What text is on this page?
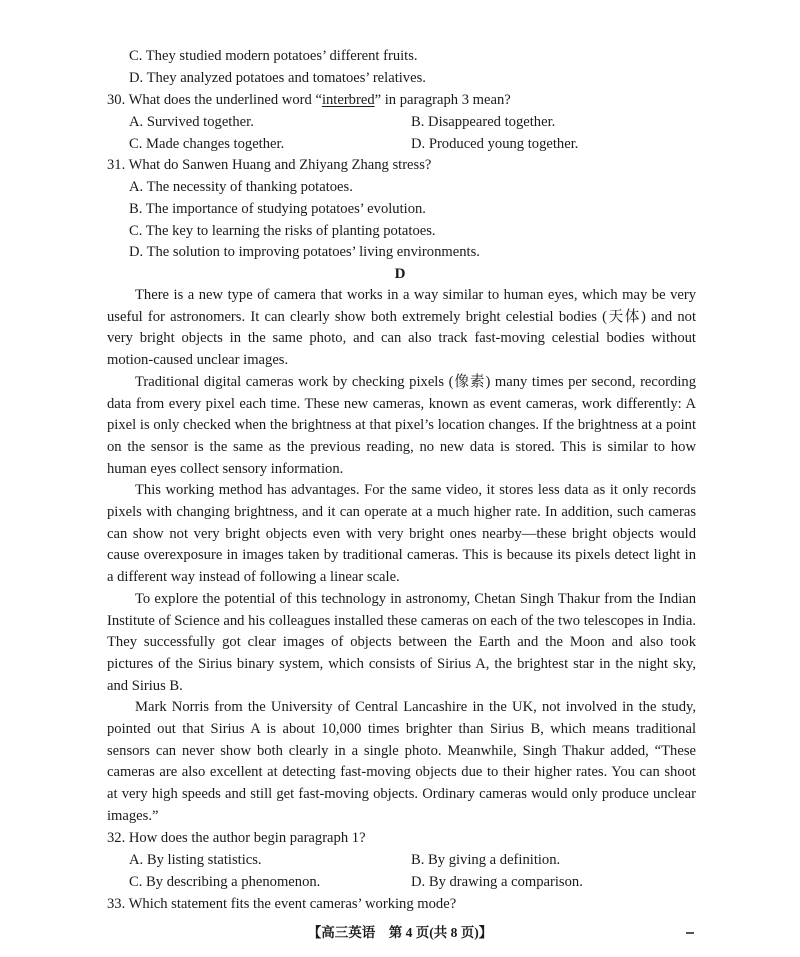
C. They studied modern potatoes’ different fruits.
D. They analyzed potatoes and tomatoes’ relatives.
30. What does the underlined word “interbred” in paragraph 3 mean?
A. Survived together.	B. Disappeared together.
C. Made changes together.	D. Produced young together.
31. What do Sanwen Huang and Zhiyang Zhang stress?
A. The necessity of thanking potatoes.
B. The importance of studying potatoes’ evolution.
C. The key to learning the risks of planting potatoes.
D. The solution to improving potatoes’ living environments.
D

There is a new type of camera that works in a way similar to human eyes, which may be very useful for astronomers. It can clearly show both extremely bright celestial bodies (天体) and not very bright objects in the same photo, and can also track fast-moving celestial bodies without motion-caused unclear images.

Traditional digital cameras work by checking pixels (像素) many times per second, recording data from every pixel each time. These new cameras, known as event cameras, work differently: A pixel is only checked when the brightness at that pixel’s location changes. If the brightness at a point on the sensor is the same as the previous reading, no new data is stored. This is similar to how human eyes collect sensory information.

This working method has advantages. For the same video, it stores less data as it only records pixels with changing brightness, and it can operate at a much higher rate. In addition, such cameras can show not very bright objects even with very bright ones nearby—these bright objects would cause overexposure in images taken by traditional cameras. This is because its pixels detect light in a different way instead of following a linear scale.

To explore the potential of this technology in astronomy, Chetan Singh Thakur from the Indian Institute of Science and his colleagues installed these cameras on each of the two telescopes in India. They successfully got clear images of objects between the Earth and the Moon and also took pictures of the Sirius binary system, which consists of Sirius A, the brightest star in the night sky, and Sirius B.

Mark Norris from the University of Central Lancashire in the UK, not involved in the study, pointed out that Sirius A is about 10,000 times brighter than Sirius B, which means traditional sensors can never show both clearly in a single photo. Meanwhile, Singh Thakur added, “These cameras are also excellent at detecting fast-moving objects due to their higher rates. You can shoot at very high speeds and still get fast-moving objects. Ordinary cameras would only produce unclear images.”

32. How does the author begin paragraph 1?
A. By listing statistics.	B. By giving a definition.
C. By describing a phenomenon.	D. By drawing a comparison.
33. Which statement fits the event cameras’ working mode?
【高三英语　第 4 页(共 8 页)】
